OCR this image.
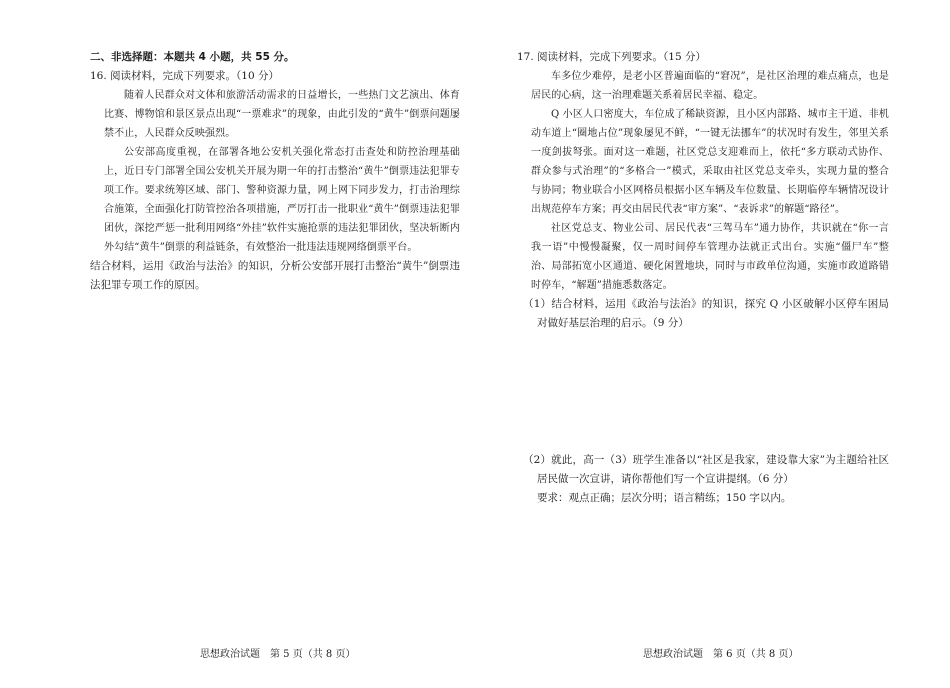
二、非选择题：本题共 4 小题，共 55 分。

16. 阅读材料，完成下列要求。（10 分）

随着人民群众对文体和旅游活动需求的日益增长，一些热门文艺演出、体育比赛、博物馆和景区景点出现“一票难求”的现象，由此引发的“黄牛”倒票问题屡禁不止，人民群众反映强烈。

公安部高度重视，在部署各地公安机关强化常态打击查处和防控治理基础上，近日专门部署全国公安机关开展为期一年的打击整治“黄牛”倒票违法犯罪专项工作。要求统筹区域、部门、警种资源力量，网上网下同步发力，打击治理综合施策，全面强化打防管控治各项措施，严厉打击一批职业“黄牛”倒票违法犯罪团伙，深挖严惩一批利用网络“外挂”软件实施抢票的违法犯罪团伙，坚决斩断内外勾结“黄牛”倒票的利益链条，有效整治一批违法违规网络倒票平台。

结合材料，运用《政治与法治》的知识，分析公安部开展打击整治“黄牛”倒票违法犯罪专项工作的原因。

思想政治试题　第 5 页（共 8 页）

17. 阅读材料，完成下列要求。（15 分）

车多位少难停，是老小区普遍面临的“窘况”，是社区治理的难点痛点，也是居民的心病，这一治理难题关系着居民幸福、稳定。

Q 小区人口密度大，车位成了稀缺资源，且小区内部路、城市主干道、非机动车道上“圈地占位”现象屡见不鲜，“一键无法挪车”的状况时有发生，邻里关系一度剑拔弩张。面对这一难题，社区党总支迎难而上，依托“多方联动式协作、群众参与式治理”的“多格合一”模式，采取由社区党总支牵头，实现力量的整合与协同；物业联合小区网格员根据小区车辆及车位数量、长期临停车辆情况设计出规范停车方案；再交由居民代表“审方案”、“表诉求”的解题“路径”。

社区党总支、物业公司、居民代表“三驾马车”通力协作，共识就在“你一言我一语”中慢慢凝聚，仅一周时间停车管理办法就正式出台。实施“僵尸车”整治、局部拓宽小区通道、硬化闲置地块，同时与市政单位沟通，实施市政道路错时停车，“解题”措施悉数落定。

（1）结合材料，运用《政治与法治》的知识，探究 Q 小区破解小区停车困局对做好基层治理的启示。（9 分）

（2）就此，高一（3）班学生准备以“社区是我家，建设靠大家”为主题给社区居民做一次宣讲，请你帮他们写一个宣讲提纲。（6 分）

要求：观点正确；层次分明；语言精练；150 字以内。

思想政治试题　第 6 页（共 8 页）
